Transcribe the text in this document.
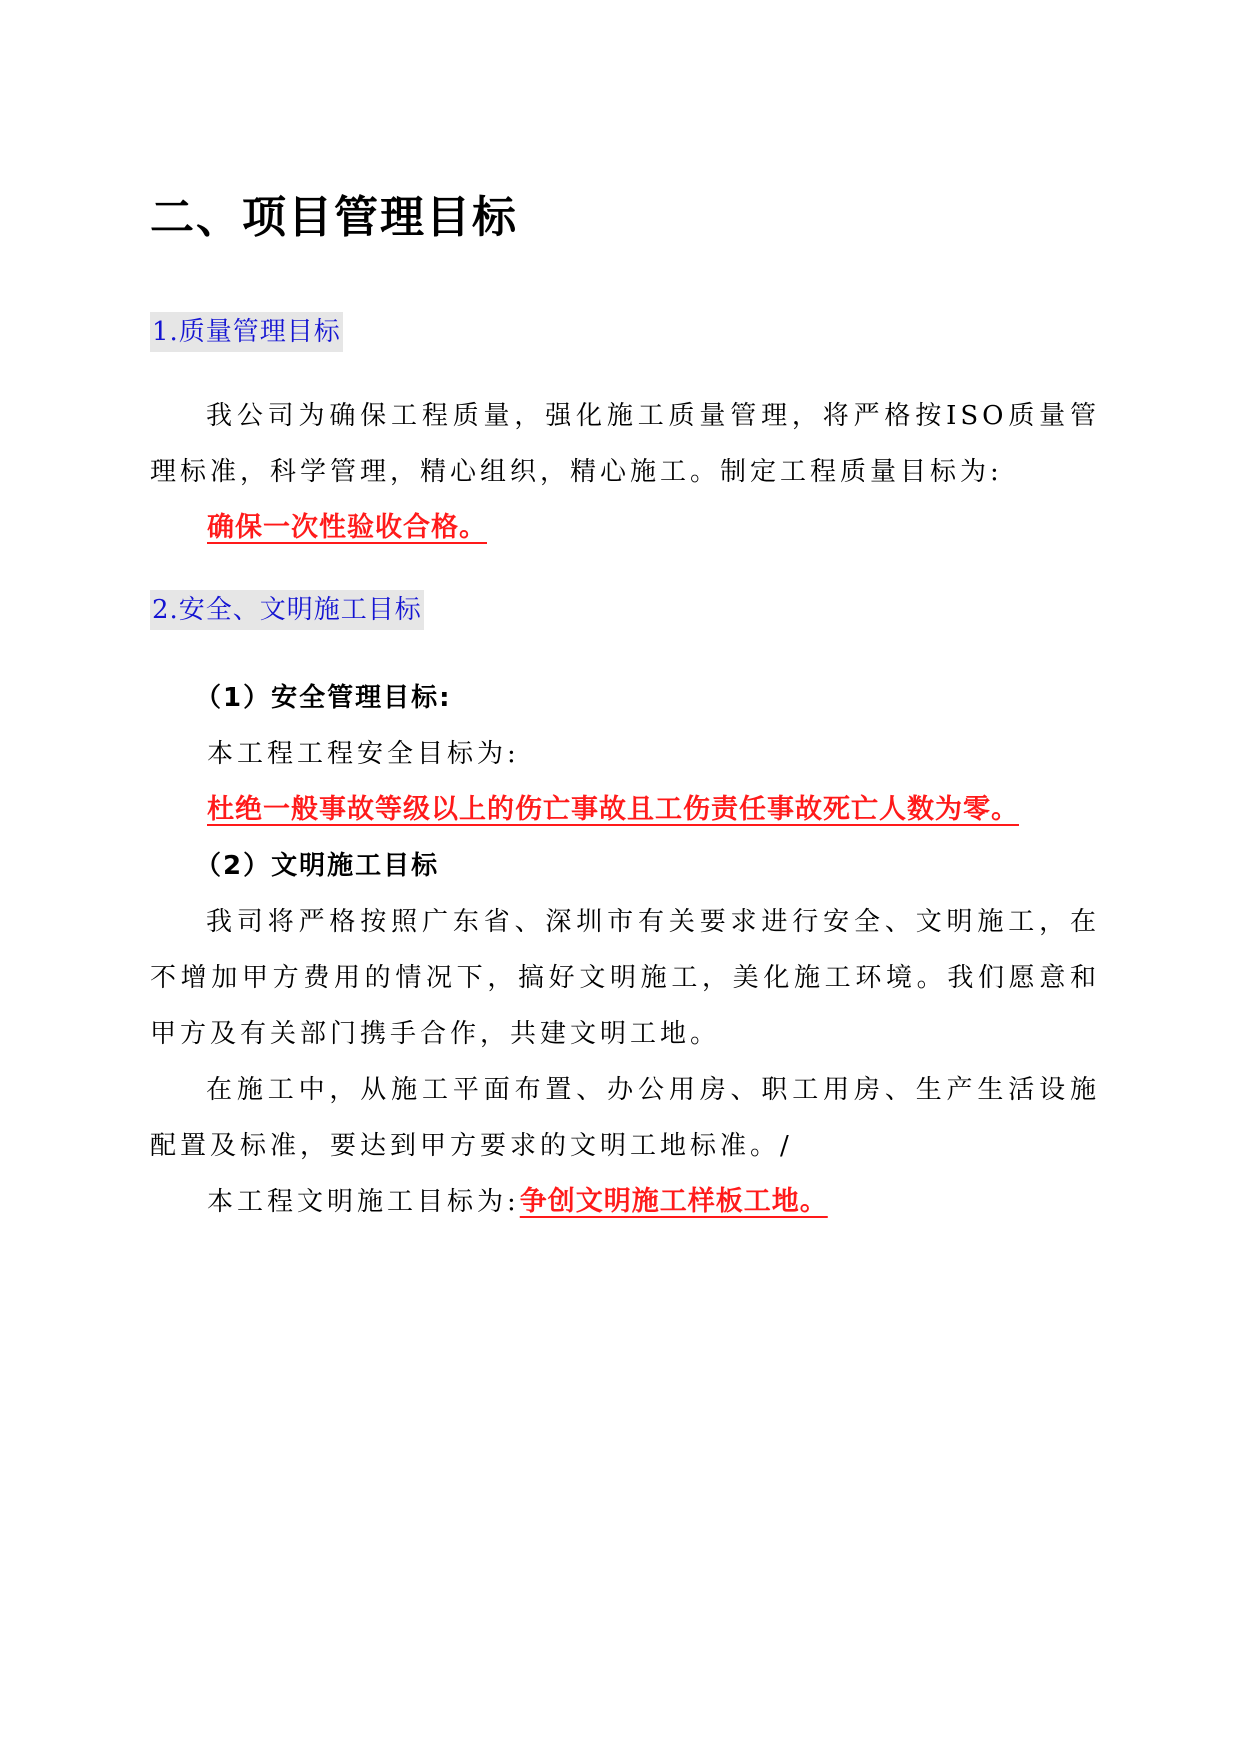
二、项目管理目标
1.质量管理目标
我公司为确保工程质量，强化施工质量管理，将严格按ISO质量管理标准，科学管理，精心组织，精心施工。制定工程质量目标为:
确保一次性验收合格。
2.安全、文明施工目标
（1）安全管理目标:
本工程工程安全目标为:
杜绝一般事故等级以上的伤亡事故且工伤责任事故死亡人数为零。
（2）文明施工目标
我司将严格按照广东省、深圳市有关要求进行安全、文明施工，在不增加甲方费用的情况下，搞好文明施工，美化施工环境。我们愿意和甲方及有关部门携手合作，共建文明工地。
在施工中，从施工平面布置、办公用房、职工用房、生产生活设施配置及标准，要达到甲方要求的文明工地标准。/
本工程文明施工目标为:争创文明施工样板工地。
